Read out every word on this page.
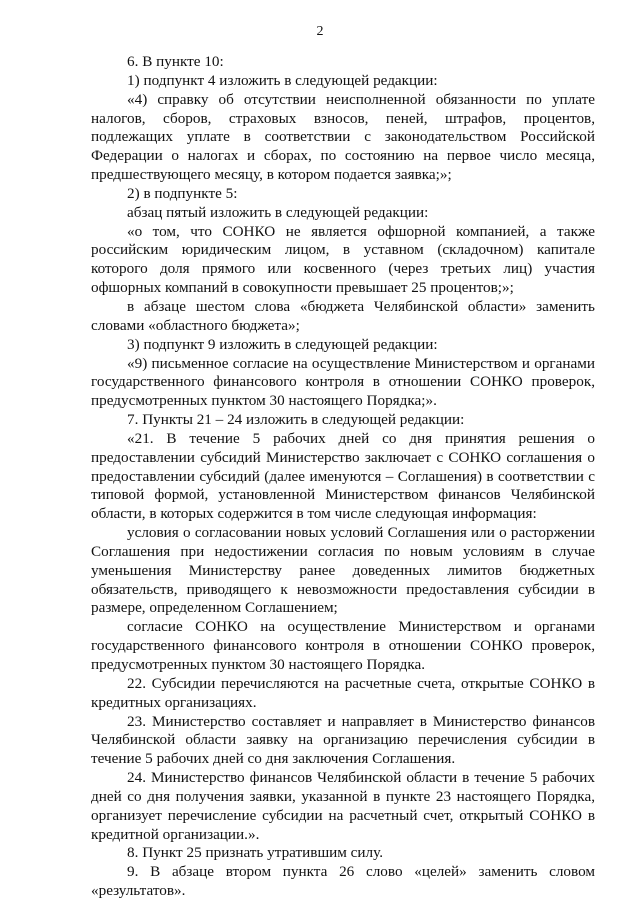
2

6. В пункте 10:

1) подпункт 4 изложить в следующей редакции:

«4) справку об отсутствии неисполненной обязанности по уплате налогов, сборов, страховых взносов, пеней, штрафов, процентов, подлежащих уплате в соответствии с законодательством Российской Федерации о налогах и сборах, по состоянию на первое число месяца, предшествующего месяцу, в котором подается заявка;»;

2) в подпункте 5:

абзац пятый изложить в следующей редакции:

«о том, что СОНКО не является офшорной компанией, а также российским юридическим лицом, в уставном (складочном) капитале которого доля прямого или косвенного (через третьих лиц) участия офшорных компаний в совокупности превышает 25 процентов;»;

в абзаце шестом слова «бюджета Челябинской области» заменить словами «областного бюджета»;

3) подпункт 9 изложить в следующей редакции:

«9) письменное согласие на осуществление Министерством и органами государственного финансового контроля в отношении СОНКО проверок, предусмотренных пунктом 30 настоящего Порядка;».

7. Пункты 21 – 24 изложить в следующей редакции:

«21. В течение 5 рабочих дней со дня принятия решения о предоставлении субсидий Министерство заключает с СОНКО соглашения о предоставлении субсидий (далее именуются – Соглашения) в соответствии с типовой формой, установленной Министерством финансов Челябинской области, в которых содержится в том числе следующая информация:

условия о согласовании новых условий Соглашения или о расторжении Соглашения при недостижении согласия по новым условиям в случае уменьшения Министерству ранее доведенных лимитов бюджетных обязательств, приводящего к невозможности предоставления субсидии в размере, определенном Соглашением;

согласие СОНКО на осуществление Министерством и органами государственного финансового контроля в отношении СОНКО проверок, предусмотренных пунктом 30 настоящего Порядка.

22. Субсидии перечисляются на расчетные счета, открытые СОНКО в кредитных организациях.

23. Министерство составляет и направляет в Министерство финансов Челябинской области заявку на организацию перечисления субсидии в течение 5 рабочих дней со дня заключения Соглашения.

24. Министерство финансов Челябинской области в течение 5 рабочих дней со дня получения заявки, указанной в пункте 23 настоящего Порядка, организует перечисление субсидии на расчетный счет, открытый СОНКО в кредитной организации.».

8. Пункт 25 признать утратившим силу.

9. В абзаце втором пункта 26 слово «целей» заменить словом «результатов».
